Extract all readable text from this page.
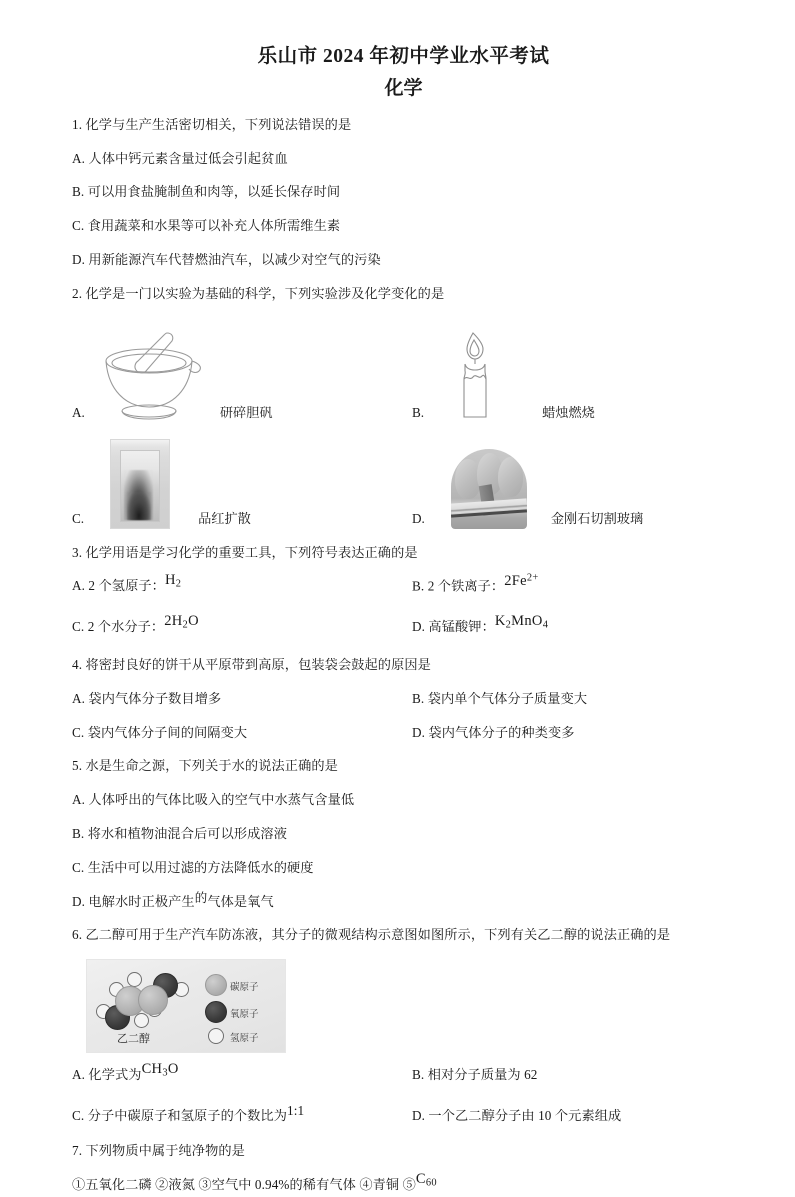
乐山市 2024 年初中学业水平考试
化学
1. 化学与生产生活密切相关，下列说法错误的是
A. 人体中钙元素含量过低会引起贫血
B. 可以用食盐腌制鱼和肉等，以延长保存时间
C. 食用蔬菜和水果等可以补充人体所需维生素
D. 用新能源汽车代替燃油汽车，以减少对空气的污染
2. 化学是一门以实验为基础的科学，下列实验涉及化学变化的是
A.	研碎胆矾	B.	蜡烛燃烧
C.	品红扩散	D.	金刚石切割玻璃
3. 化学用语是学习化学的重要工具，下列符号表达正确的是
A. 2 个氢原子：$H_2$	B. 2 个铁离子：$2Fe^{2+}$
C. 2 个水分子：$2H_2O$	D. 高锰酸钾：$K_2MnO_4$
4. 将密封良好的饼干从平原带到高原，包装袋会鼓起的原因是
A. 袋内气体分子数目增多	B. 袋内单个气体分子质量变大
C. 袋内气体分子间的间隔变大	D. 袋内气体分子的种类变多
5. 水是生命之源，下列关于水的说法正确的是
A. 人体呼出的气体比吸入的空气中水蒸气含量低
B. 将水和植物油混合后可以形成溶液
C. 生活中可以用过滤的方法降低水的硬度
D. 电解水时正极产生的气体是氧气
6. 乙二醇可用于生产汽车防冻液，其分子的微观结构示意图如图所示，下列有关乙二醇的说法正确的是
乙二醇
碳原子
氧原子
氢原子
A. 化学式为$CH_3O$	B. 相对分子质量为 62
C. 分子中碳原子和氢原子的个数比为1:1	D. 一个乙二醇分子由 10 个元素组成
7. 下列物质中属于纯净物的是
①五氧化二磷 ②液氮 ③空气中 0.94%的稀有气体 ④青铜 $⑤C_{60}$
